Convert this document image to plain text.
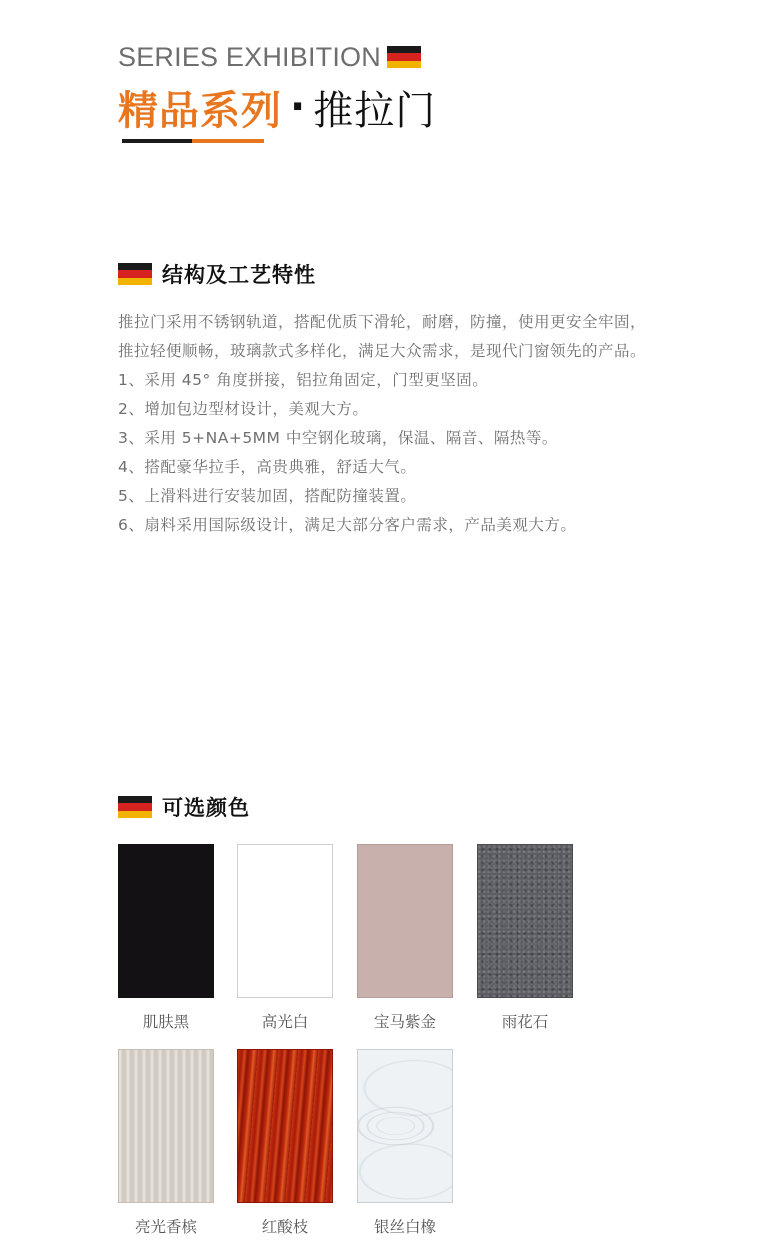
SERIES EXHIBITION
精品系列 · 推拉门
结构及工艺特性

推拉门采用不锈钢轨道，搭配优质下滑轮，耐磨，防撞，使用更安全牢固，

推拉轻便顺畅，玻璃款式多样化，满足大众需求，是现代门窗领先的产品。

1、采用 45° 角度拼接，铝拉角固定，门型更坚固。

2、增加包边型材设计，美观大方。

3、采用 5+NA+5MM 中空钢化玻璃，保温、隔音、隔热等。

4、搭配豪华拉手，高贵典雅，舒适大气。

5、上滑料进行安装加固，搭配防撞装置。

6、扇料采用国际级设计，满足大部分客户需求，产品美观大方。

可选颜色
肌肤黑	高光白	宝马紫金	雨花石
亮光香槟	红酸枝	银丝白橡
